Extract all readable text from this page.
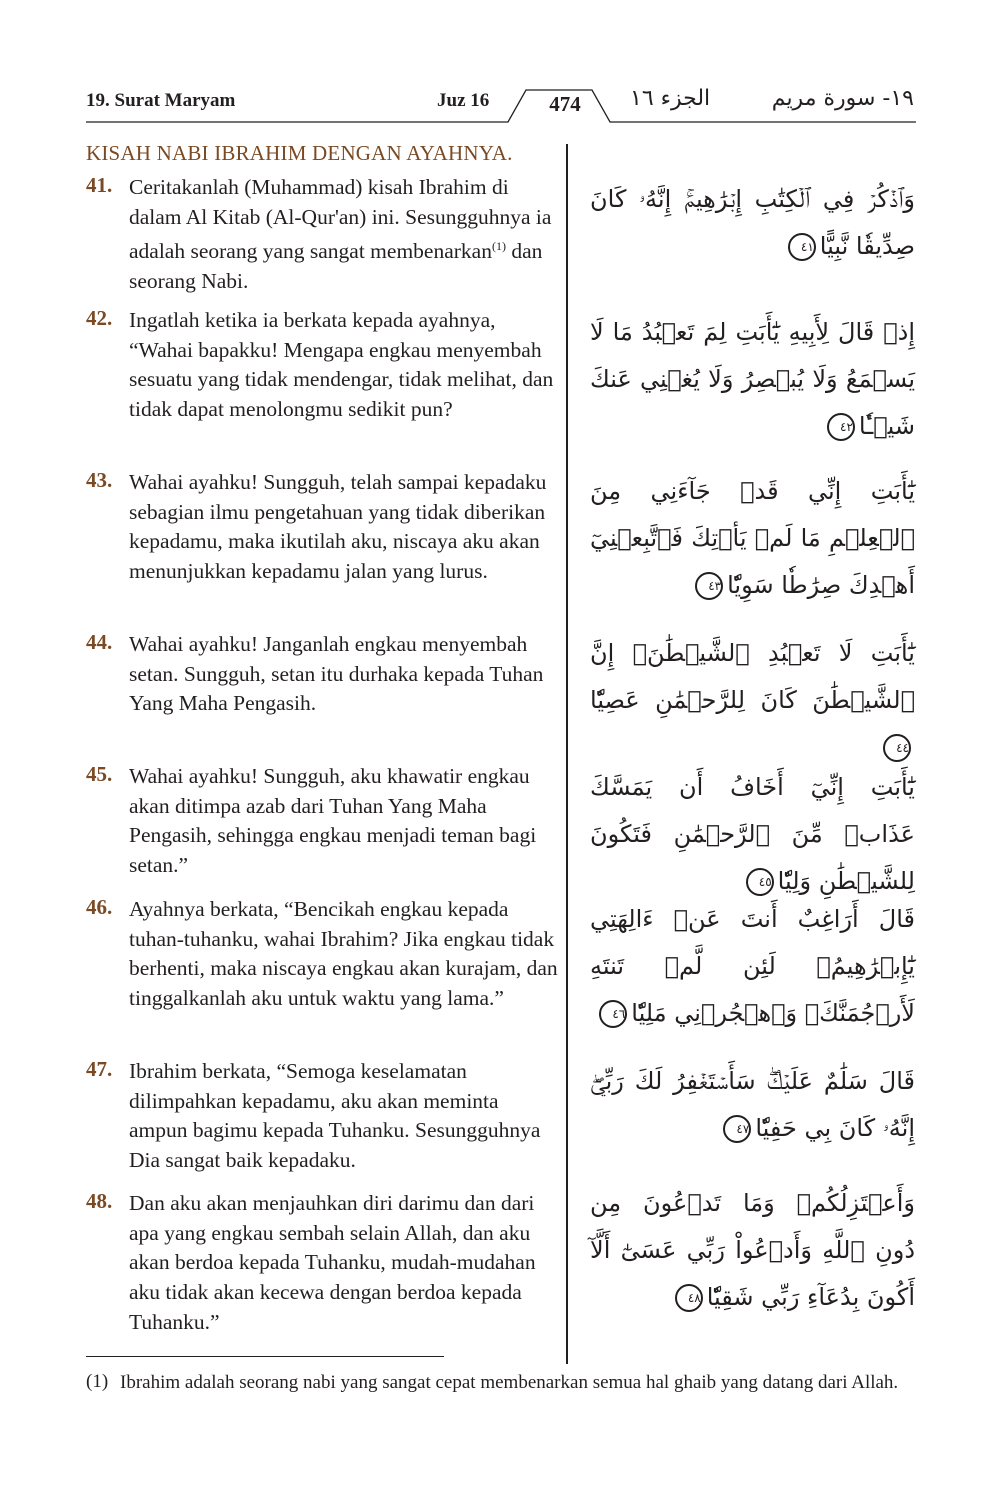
19. Surat Maryam	Juz 16	474	الجزء ١٦	١٩- سورة مريم
KISAH NABI IBRAHIM DENGAN AYAHNYA.
41. Ceritakanlah (Muhammad) kisah Ibrahim di dalam Al Kitab (Al-Qur'an) ini. Sesungguhnya ia adalah seorang yang sangat membenarkan$^{(1)}$ dan seorang Nabi.
وَٱذۡكُرۡ فِي ٱلۡكِتَٰبِ إِبۡرَٰهِيمَۚ إِنَّهُۥ كَانَ صِدِّيقٗا نَّبِيًّا٤١
42. Ingatlah ketika ia berkata kepada ayahnya, “Wahai bapakku! Mengapa engkau menyembah sesuatu yang tidak mendengar, tidak melihat, dan tidak dapat menolongmu sedikit pun?
إِذۡ قَالَ لِأَبِيهِ يَٰٓأَبَتِ لِمَ تَعۡبُدُ مَا لَا يَسۡمَعُ وَلَا يُبۡصِرُ وَلَا يُغۡنِي عَنكَ شَيۡـٔٗا٤٢
43. Wahai ayahku! Sungguh, telah sampai kepadaku sebagian ilmu pengetahuan yang tidak diberikan kepadamu, maka ikutilah aku, niscaya aku akan menunjukkan kepadamu jalan yang lurus.
يَٰٓأَبَتِ إِنِّي قَدۡ جَآءَنِي مِنَ ٱلۡعِلۡمِ مَا لَمۡ يَأۡتِكَ فَٱتَّبِعۡنِيٓ أَهۡدِكَ صِرَٰطٗا سَوِيّٗا٤٣
44. Wahai ayahku! Janganlah engkau menyembah setan. Sungguh, setan itu durhaka kepada Tuhan Yang Maha Pengasih.
يَٰٓأَبَتِ لَا تَعۡبُدِ ٱلشَّيۡطَٰنَۖ إِنَّ ٱلشَّيۡطَٰنَ كَانَ لِلرَّحۡمَٰنِ عَصِيّٗا٤٤
45. Wahai ayahku! Sungguh, aku khawatir engkau akan ditimpa azab dari Tuhan Yang Maha Pengasih, sehingga engkau menjadi teman bagi setan.”
يَٰٓأَبَتِ إِنِّيٓ أَخَافُ أَن يَمَسَّكَ عَذَابٞ مِّنَ ٱلرَّحۡمَٰنِ فَتَكُونَ لِلشَّيۡطَٰنِ وَلِيّٗا٤٥
46. Ayahnya berkata, “Bencikah engkau kepada tuhan-tuhanku, wahai Ibrahim? Jika engkau tidak berhenti, maka niscaya engkau akan kurajam, dan tinggalkanlah aku untuk waktu yang lama.”
قَالَ أَرَاغِبٌ أَنتَ عَنۡ ءَالِهَتِي يَٰٓإِبۡرَٰهِيمُۖ لَئِن لَّمۡ تَنتَهِ لَأَرۡجُمَنَّكَۖ وَٱهۡجُرۡنِي مَلِيّٗا٤٦
47. Ibrahim berkata, “Semoga keselamatan dilimpahkan kepadamu, aku akan meminta ampun bagimu kepada Tuhanku. Sesungguhnya Dia sangat baik kepadaku.
قَالَ سَلَٰمٌ عَلَيۡكَۖ سَأَسۡتَغۡفِرُ لَكَ رَبِّيٓۖ إِنَّهُۥ كَانَ بِي حَفِيّٗا٤٧
48. Dan aku akan menjauhkan diri darimu dan dari apa yang engkau sembah selain Allah, dan aku akan berdoa kepada Tuhanku, mudah-mudahan aku tidak akan kecewa dengan berdoa kepada Tuhanku.”
وَأَعۡتَزِلُكُمۡ وَمَا تَدۡعُونَ مِن دُونِ ٱللَّهِ وَأَدۡعُواْ رَبِّي عَسَىٰٓ أَلَّآ أَكُونَ بِدُعَآءِ رَبِّي شَقِيّٗا٤٨
(1) Ibrahim adalah seorang nabi yang sangat cepat membenarkan semua hal ghaib yang datang dari Allah.
